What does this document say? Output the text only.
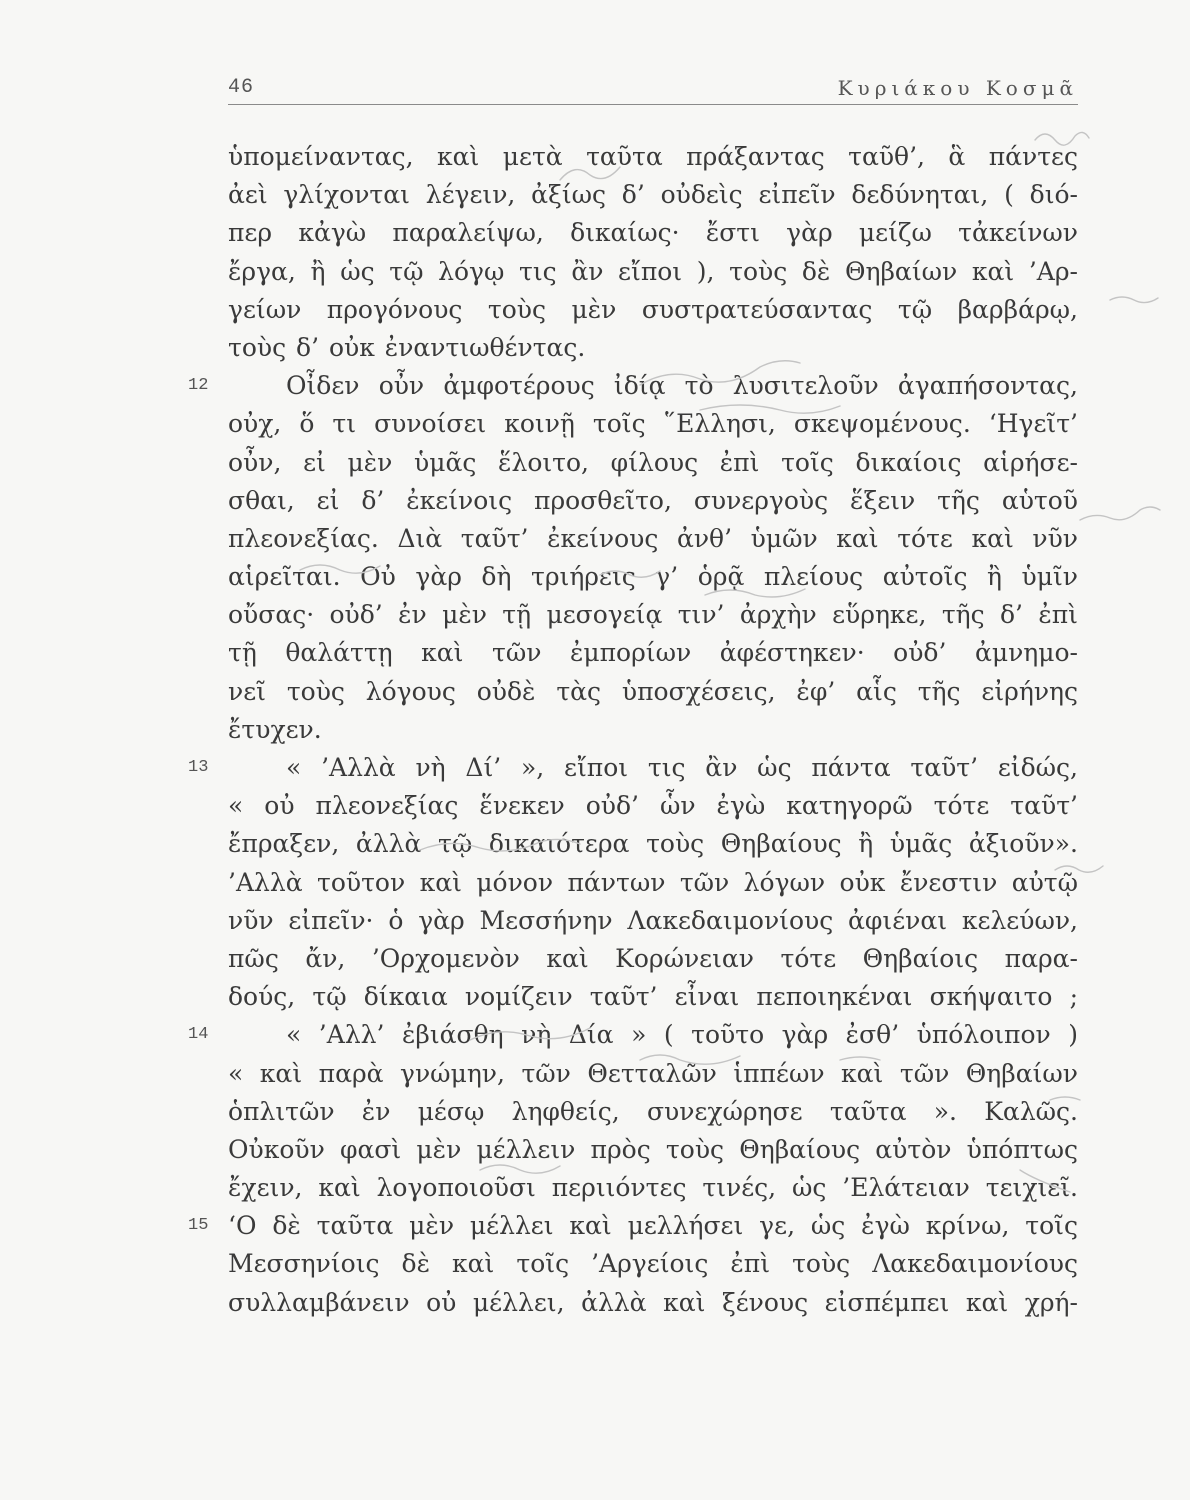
46	Κυριάκου Κοσμᾶ
ὑπομείναντας, καὶ μετὰ ταῦτα πράξαντας ταῦθ’, ἃ πάντες
ἀεὶ γλίχονται λέγειν, ἀξίως δ’ οὐδεὶς εἰπεῖν δεδύνηται, ( διό-
περ κἀγὼ παραλείψω, δικαίως· ἔστι γὰρ μείζω τἀκείνων
ἔργα, ἢ ὡς τῷ λόγῳ τις ἂν εἴποι ), τοὺς δὲ Θηβαίων καὶ ’Αρ-
γείων προγόνους τοὺς μὲν συστρατεύσαντας τῷ βαρβάρῳ,
τοὺς δ’ οὐκ ἐναντιωθέντας.
12	Οἶδεν οὖν ἀμφοτέρους ἰδίᾳ τὸ λυσιτελοῦν ἀγαπήσοντας,
οὐχ, ὅ τι συνοίσει κοινῇ τοῖς ῞Ελλησι, σκεψομένους. ‘Ηγεῖτ’
οὖν, εἰ μὲν ὑμᾶς ἕλοιτο, φίλους ἐπὶ τοῖς δικαίοις αἱρήσε-
σθαι, εἰ δ’ ἐκείνοις προσθεῖτο, συνεργοὺς ἕξειν τῆς αὑτοῦ
πλεονεξίας. Διὰ ταῦτ’ ἐκείνους ἀνθ’ ὑμῶν καὶ τότε καὶ νῦν
αἱρεῖται. Οὐ γὰρ δὴ τριήρεις γ’ ὁρᾷ πλείους αὐτοῖς ἢ ὑμῖν
οὔσας· οὐδ’ ἐν μὲν τῇ μεσογείᾳ τιν’ ἀρχὴν εὕρηκε, τῆς δ’ ἐπὶ
τῇ θαλάττῃ καὶ τῶν ἐμπορίων ἀφέστηκεν· οὐδ’ ἀμνημο-
νεῖ τοὺς λόγους οὐδὲ τὰς ὑποσχέσεις, ἐφ’ αἷς τῆς εἰρήνης
ἔτυχεν.
13	« ’Αλλὰ νὴ Δί’ », εἴποι τις ἂν ὡς πάντα ταῦτ’ εἰδώς,
« οὐ πλεονεξίας ἕνεκεν οὐδ’ ὧν ἐγὼ κατηγορῶ τότε ταῦτ’
ἔπραξεν, ἀλλὰ τῷ δικαιότερα τοὺς Θηβαίους ἢ ὑμᾶς ἀξιοῦν».
’Αλλὰ τοῦτον καὶ μόνον πάντων τῶν λόγων οὐκ ἔνεστιν αὐτῷ
νῦν εἰπεῖν· ὁ γὰρ Μεσσήνην Λακεδαιμονίους ἀφιέναι κελεύων,
πῶς ἄν, ’Ορχομενὸν καὶ Κορώνειαν τότε Θηβαίοις παρα-
δούς, τῷ δίκαια νομίζειν ταῦτ’ εἶναι πεποιηκέναι σκήψαιτο ;
14	« ’Αλλ’ ἐβιάσθη νὴ Δία » ( τοῦτο γὰρ ἐσθ’ ὑπόλοιπον )
« καὶ παρὰ γνώμην, τῶν Θετταλῶν ἱππέων καὶ τῶν Θηβαίων
ὁπλιτῶν ἐν μέσῳ ληφθείς, συνεχώρησε ταῦτα ». Καλῶς.
Οὐκοῦν φασὶ μὲν μέλλειν πρὸς τοὺς Θηβαίους αὐτὸν ὑπόπτως
ἔχειν, καὶ λογοποιοῦσι περιιόντες τινές, ὡς ’Ελάτειαν τειχιεῖ.
15 ‘Ο δὲ ταῦτα μὲν μέλλει καὶ μελλήσει γε, ὡς ἐγὼ κρίνω, τοῖς
Μεσσηνίοις δὲ καὶ τοῖς ’Αργείοις ἐπὶ τοὺς Λακεδαιμονίους
συλλαμβάνειν οὐ μέλλει, ἀλλὰ καὶ ξένους εἰσπέμπει καὶ χρή-
